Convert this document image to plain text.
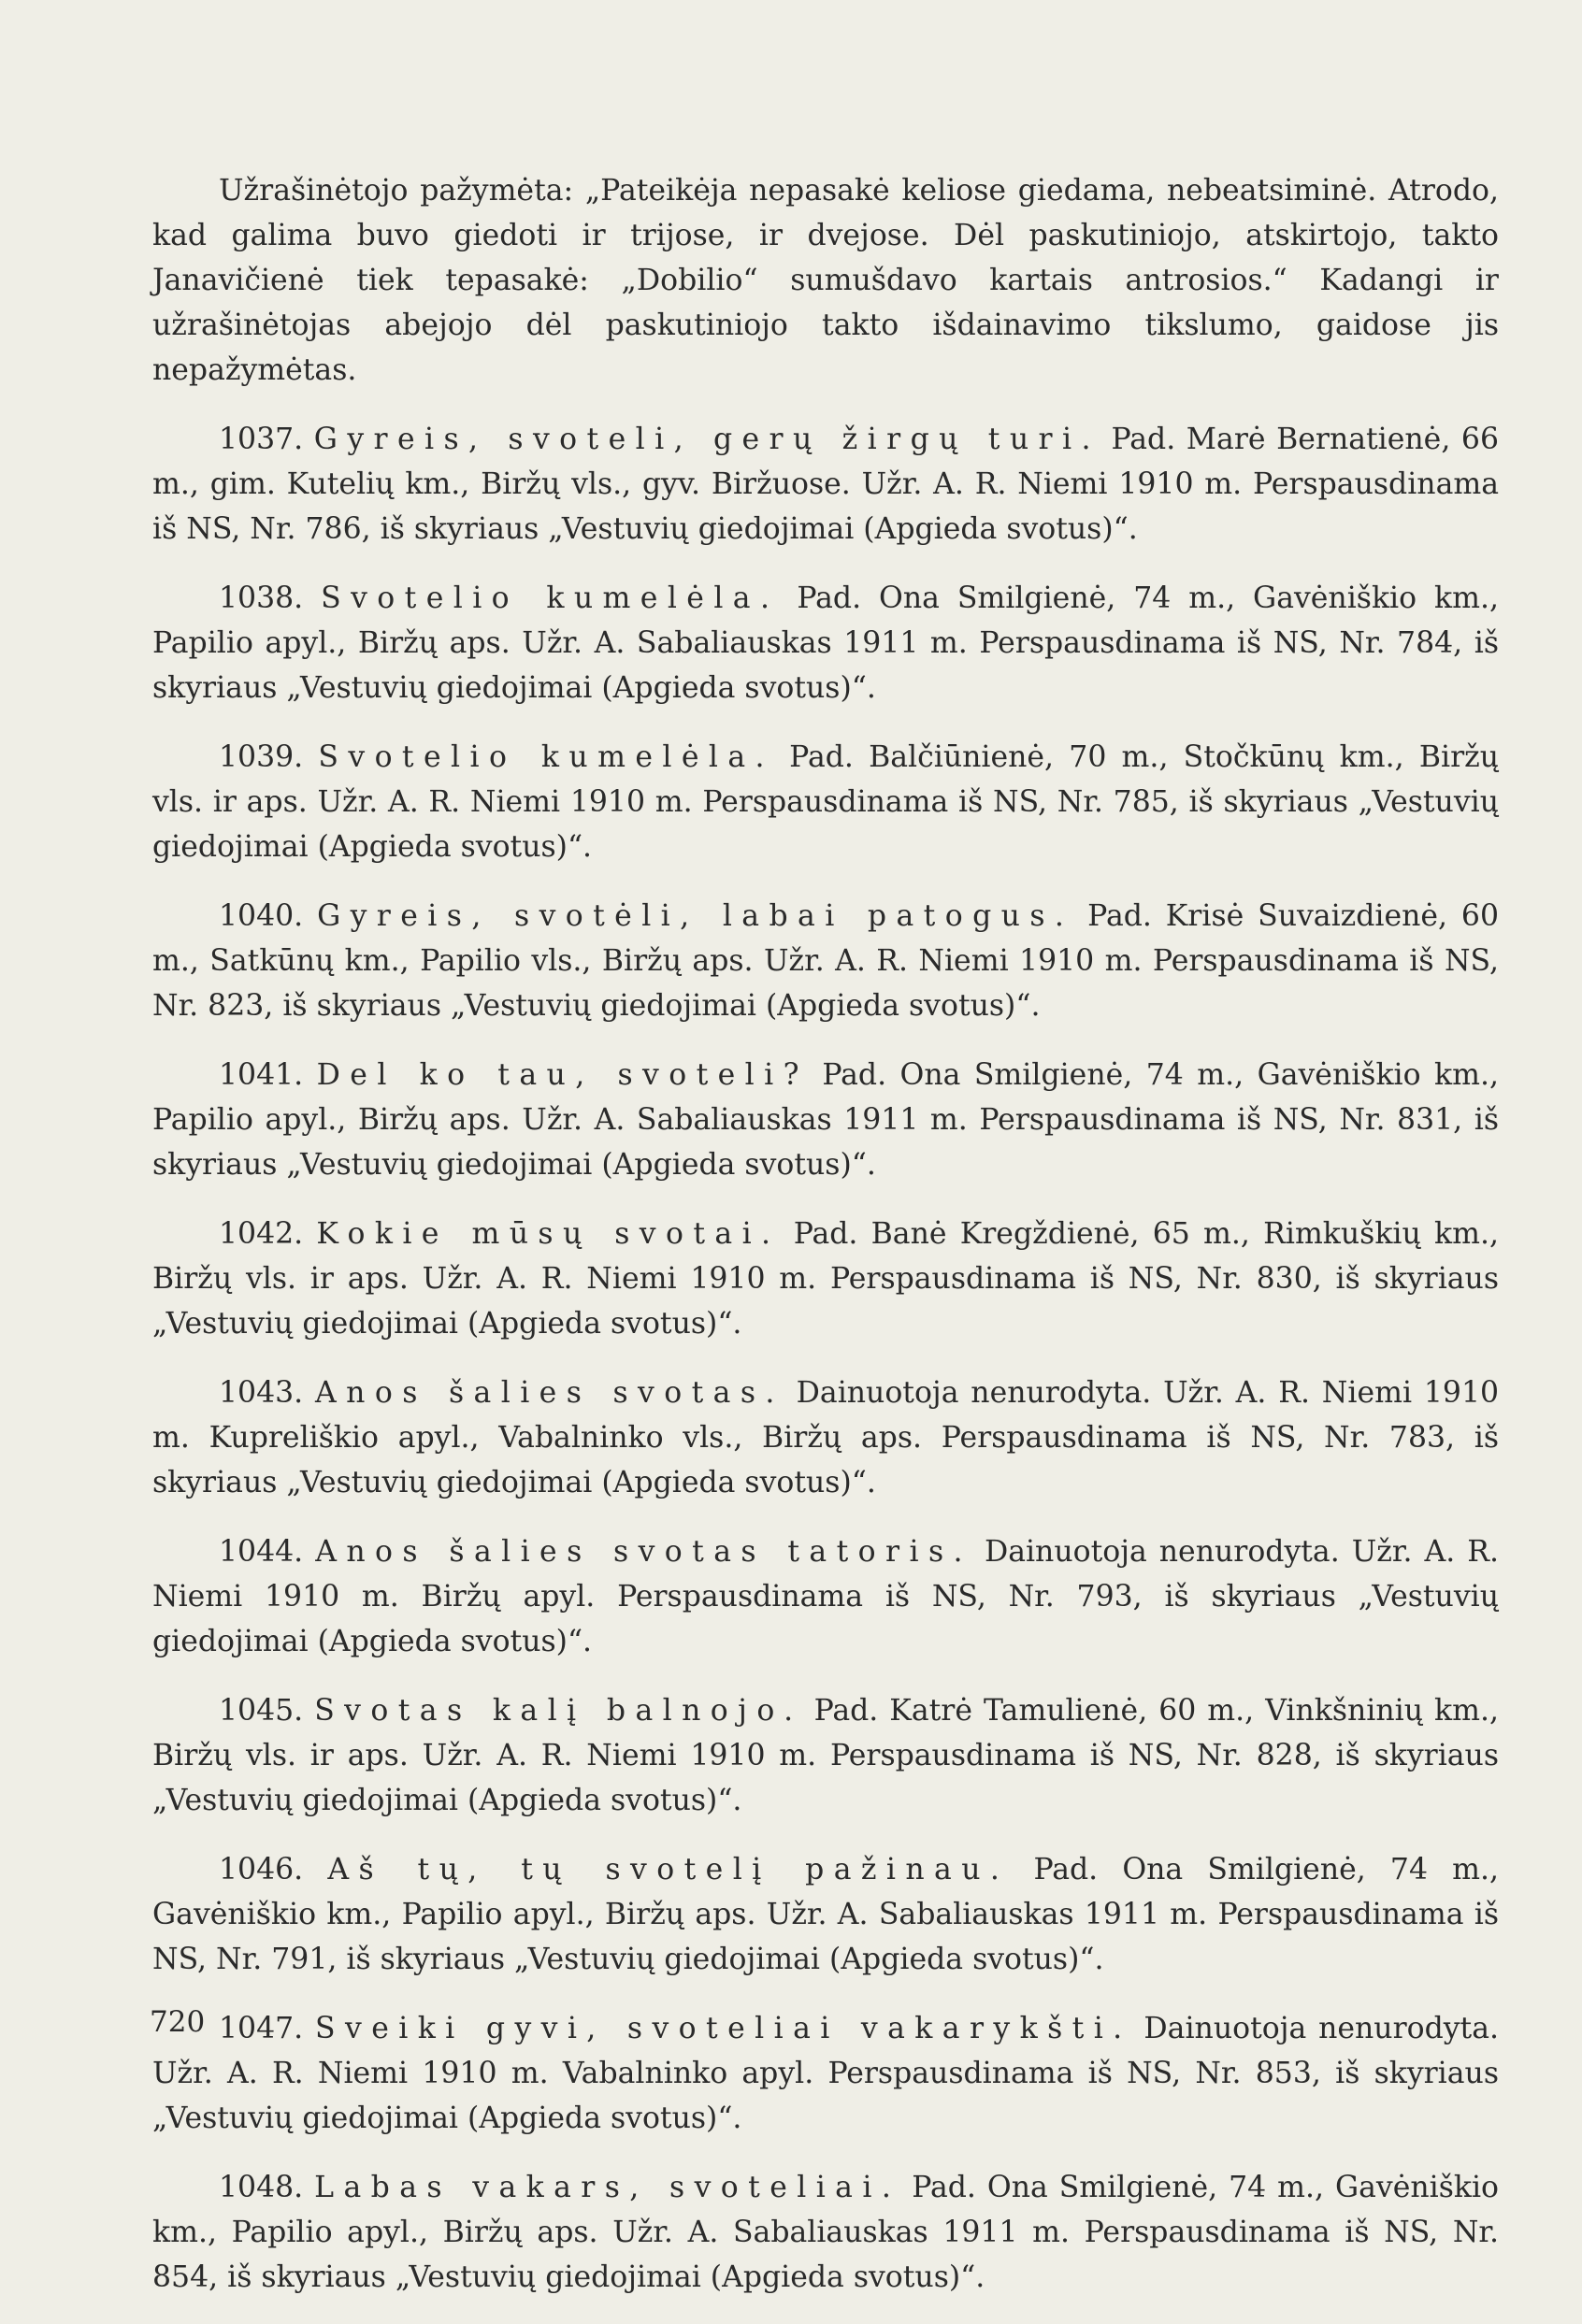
Užrašinėtojo pažymėta: „Pateikėja nepasakė keliose giedama, nebeatsiminė. Atrodo, kad galima buvo giedoti ir trijose, ir dvejose. Dėl paskutiniojo, atskirtojo, takto Janavičienė tiek tepasakė: „Dobilio“ sumušdavo kartais antrosios.“ Kadangi ir užrašinėtojas abejojo dėl paskutiniojo takto išdainavimo tikslumo, gaidose jis nepažymėtas.

1037. Gyreis, svoteli, gerų žirgų turi. Pad. Marė Bernatienė, 66 m., gim. Kutelių km., Biržų vls., gyv. Biržuose. Užr. A. R. Niemi 1910 m. Perspausdinama iš NS, Nr. 786, iš skyriaus „Vestuvių giedojimai (Apgieda svotus)“.

1038. Svotelio kumelėla. Pad. Ona Smilgienė, 74 m., Gavėniškio km., Papilio apyl., Biržų aps. Užr. A. Sabaliauskas 1911 m. Perspausdinama iš NS, Nr. 784, iš skyriaus „Vestuvių giedojimai (Apgieda svotus)“.

1039. Svotelio kumelėla. Pad. Balčiūnienė, 70 m., Stočkūnų km., Biržų vls. ir aps. Užr. A. R. Niemi 1910 m. Perspausdinama iš NS, Nr. 785, iš skyriaus „Vestuvių giedojimai (Apgieda svotus)“.

1040. Gyreis, svotėli, labai patogus. Pad. Krisė Suvaizdienė, 60 m., Satkūnų km., Papilio vls., Biržų aps. Užr. A. R. Niemi 1910 m. Perspausdinama iš NS, Nr. 823, iš skyriaus „Vestuvių giedojimai (Apgieda svotus)“.

1041. Del ko tau, svoteli? Pad. Ona Smilgienė, 74 m., Gavėniškio km., Papilio apyl., Biržų aps. Užr. A. Sabaliauskas 1911 m. Perspausdinama iš NS, Nr. 831, iš skyriaus „Vestuvių giedojimai (Apgieda svotus)“.

1042. Kokie mūsų svotai. Pad. Banė Kregždienė, 65 m., Rimkuškių km., Biržų vls. ir aps. Užr. A. R. Niemi 1910 m. Perspausdinama iš NS, Nr. 830, iš skyriaus „Vestuvių giedojimai (Apgieda svotus)“.

1043. Anos šalies svotas. Dainuotoja nenurodyta. Užr. A. R. Niemi 1910 m. Kupreliškio apyl., Vabalninko vls., Biržų aps. Perspausdinama iš NS, Nr. 783, iš skyriaus „Vestuvių giedojimai (Apgieda svotus)“.

1044. Anos šalies svotas tatoris. Dainuotoja nenurodyta. Užr. A. R. Niemi 1910 m. Biržų apyl. Perspausdinama iš NS, Nr. 793, iš skyriaus „Vestuvių giedojimai (Apgieda svotus)“.

1045. Svotas kalį balnojo. Pad. Katrė Tamulienė, 60 m., Vinkšninių km., Biržų vls. ir aps. Užr. A. R. Niemi 1910 m. Perspausdinama iš NS, Nr. 828, iš skyriaus „Vestuvių giedojimai (Apgieda svotus)“.

1046. Aš tų, tų svotelį pažinau. Pad. Ona Smilgienė, 74 m., Gavėniškio km., Papilio apyl., Biržų aps. Užr. A. Sabaliauskas 1911 m. Perspausdinama iš NS, Nr. 791, iš skyriaus „Vestuvių giedojimai (Apgieda svotus)“.

1047. Sveiki gyvi, svoteliai vakarykšti. Dainuotoja nenurodyta. Užr. A. R. Niemi 1910 m. Vabalninko apyl. Perspausdinama iš NS, Nr. 853, iš skyriaus „Vestuvių giedojimai (Apgieda svotus)“.

1048. Labas vakars, svoteliai. Pad. Ona Smilgienė, 74 m., Gavėniškio km., Papilio apyl., Biržų aps. Užr. A. Sabaliauskas 1911 m. Perspausdinama iš NS, Nr. 854, iš skyriaus „Vestuvių giedojimai (Apgieda svotus)“.

720
